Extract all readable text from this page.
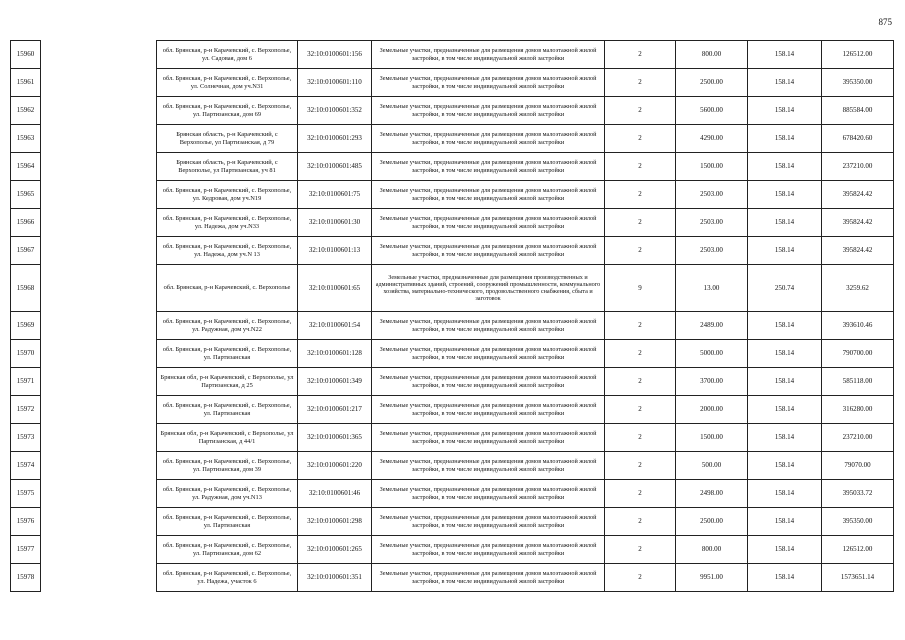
875
15960		обл. Брянская, р-н Карачевский, с. Верхополье, ул. Садовая, дом 6	32:10:0100601:156	Земельные участки, предназначенные для размещения домов малоэтажной жилой застройки, в том числе индивидуальной жилой застройки	2	800.00	158.14	126512.00
15961		обл. Брянская, р-н Карачевский, с. Верхополье, ул. Солнечная, дом уч.N31	32:10:0100601:110	Земельные участки, предназначенные для размещения домов малоэтажной жилой застройки, в том числе индивидуальной жилой застройки	2	2500.00	158.14	395350.00
15962		обл. Брянская, р-н Карачевский, с. Верхополье, ул. Партизанская, дом 69	32:10:0100601:352	Земельные участки, предназначенные для размещения домов малоэтажной жилой застройки, в том числе индивидуальной жилой застройки	2	5600.00	158.14	885584.00
15963		Брянская область, р-н Карачевский, с Верхополье, ул Партизанская, д 79	32:10:0100601:293	Земельные участки, предназначенные для размещения домов малоэтажной жилой застройки, в том числе индивидуальной жилой застройки	2	4290.00	158.14	678420.60
15964		Брянская область, р-н Карачевский, с Верхополье, ул Партизанская, уч 81	32:10:0100601:485	Земельные участки, предназначенные для размещения домов малоэтажной жилой застройки, в том числе индивидуальной жилой застройки	2	1500.00	158.14	237210.00
15965		обл. Брянская, р-н Карачевский, с. Верхополье, ул. Кедровая, дом уч.N19	32:10:0100601:75	Земельные участки, предназначенные для размещения домов малоэтажной жилой застройки, в том числе индивидуальной жилой застройки	2	2503.00	158.14	395824.42
15966		обл. Брянская, р-н Карачевский, с. Верхополье, ул. Надежа, дом уч.N33	32:10:0100601:30	Земельные участки, предназначенные для размещения домов малоэтажной жилой застройки, в том числе индивидуальной жилой застройки	2	2503.00	158.14	395824.42
15967		обл. Брянская, р-н Карачевский, с. Верхополье, ул. Надежа, дом уч.N 13	32:10:0100601:13	Земельные участки, предназначенные для размещения домов малоэтажной жилой застройки, в том числе индивидуальной жилой застройки	2	2503.00	158.14	395824.42
15968		обл. Брянская, р-н Карачевский, с. Верхополье	32:10:0100601:65	Земельные участки, предназначенные для размещения производственных и административных зданий, строений, сооружений промышленности, коммунального хозяйства, материально-технического, продовольственного снабжения, сбыта и заготовок	9	13.00	250.74	3259.62
15969		обл. Брянская, р-н Карачевский, с. Верхополье, ул. Радужная, дом уч.N22	32:10:0100601:54	Земельные участки, предназначенные для размещения домов малоэтажной жилой застройки, в том числе индивидуальной жилой застройки	2	2489.00	158.14	393610.46
15970		обл. Брянская, р-н Карачевский, с. Верхополье, ул. Партизанская	32:10:0100601:128	Земельные участки, предназначенные для размещения домов малоэтажной жилой застройки, в том числе индивидуальной жилой застройки	2	5000.00	158.14	790700.00
15971		Брянская обл, р-н Карачевский, с Верхополье, ул Партизанская, д 25	32:10:0100601:349	Земельные участки, предназначенные для размещения домов малоэтажной жилой застройки, в том числе индивидуальной жилой застройки	2	3700.00	158.14	585118.00
15972		обл. Брянская, р-н Карачевский, с. Верхополье, ул. Партизанская	32:10:0100601:217	Земельные участки, предназначенные для размещения домов малоэтажной жилой застройки, в том числе индивидуальной жилой застройки	2	2000.00	158.14	316280.00
15973		Брянская обл, р-н Карачевский, с Верхополье, ул Партизанская, д 44/1	32:10:0100601:365	Земельные участки, предназначенные для размещения домов малоэтажной жилой застройки, в том числе индивидуальной жилой застройки	2	1500.00	158.14	237210.00
15974		обл. Брянская, р-н Карачевский, с. Верхополье, ул. Партизанская, дом 39	32:10:0100601:220	Земельные участки, предназначенные для размещения домов малоэтажной жилой застройки, в том числе индивидуальной жилой застройки	2	500.00	158.14	79070.00
15975		обл. Брянская, р-н Карачевский, с. Верхополье, ул. Радужная, дом уч.N13	32:10:0100601:46	Земельные участки, предназначенные для размещения домов малоэтажной жилой застройки, в том числе индивидуальной жилой застройки	2	2498.00	158.14	395033.72
15976		обл. Брянская, р-н Карачевский, с. Верхополье, ул. Партизанская	32:10:0100601:298	Земельные участки, предназначенные для размещения домов малоэтажной жилой застройки, в том числе индивидуальной жилой застройки	2	2500.00	158.14	395350.00
15977		обл. Брянская, р-н Карачевский, с. Верхополье, ул. Партизанская, дом 62	32:10:0100601:265	Земельные участки, предназначенные для размещения домов малоэтажной жилой застройки, в том числе индивидуальной жилой застройки	2	800.00	158.14	126512.00
15978		обл. Брянская, р-н Карачевский, с. Верхополье, ул. Надежа, участок 6	32:10:0100601:351	Земельные участки, предназначенные для размещения домов малоэтажной жилой застройки, в том числе индивидуальной жилой застройки	2	9951.00	158.14	1573651.14
